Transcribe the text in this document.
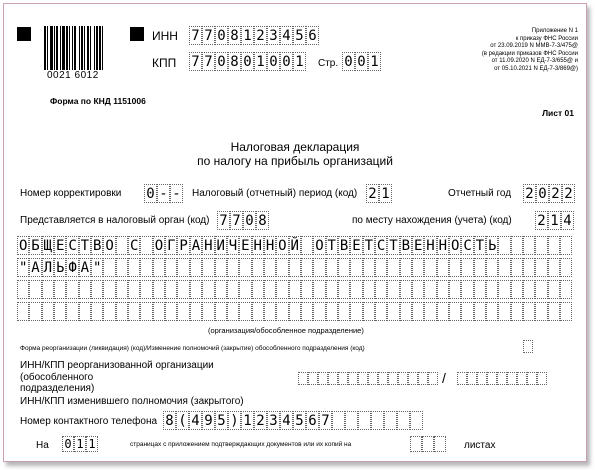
0021 6012
ИНН 7 7 0 8 1 2 3 4 5 6
КПП 7 7 0 8 0 1 0 0 1 Стр. 0 0 1
Приложение N 1
к приказу ФНС России
от 23.09.2019 N ММВ-7-3/475@
(в редакции приказов ФНС России
от 11.09.2020 N ЕД-7-3/655@ и
от 05.10.2021 N ЕД-7-3/869@)
Форма по КНД 1151006
Лист 01
Налоговая декларация
по налогу на прибыль организаций
Номер корректировки 0 - - Налоговый (отчетный) период (код) 2 1	Отчетный год 2 0 2 2
Представляется в налоговый орган (код) 7 7 0 8	по месту нахождения (учета) (код) 2 1 4
О Б Щ Е С Т В О С О Г Р А Н И Ч Е Н Н О Й О Т В Е Т С Т В Е Н Н О С Т Ь
" А Л Ь Ф А "
(организация/обособленное подразделение)
Форма реорганизации (ликвидация) (код)/Изменение полномочий (закрытие) обособленного подразделения (код)
ИНН/КПП реорганизованной организации
(обособленного
подразделения)
ИНН/КПП изменившего полномочия (закрытого)
/
Номер контактного телефона 8 ( 4 9 5 ) 1 2 3 4 5 6 7
На 0 1 1	страницах с приложением подтверждающих документов или их копий на	листах
